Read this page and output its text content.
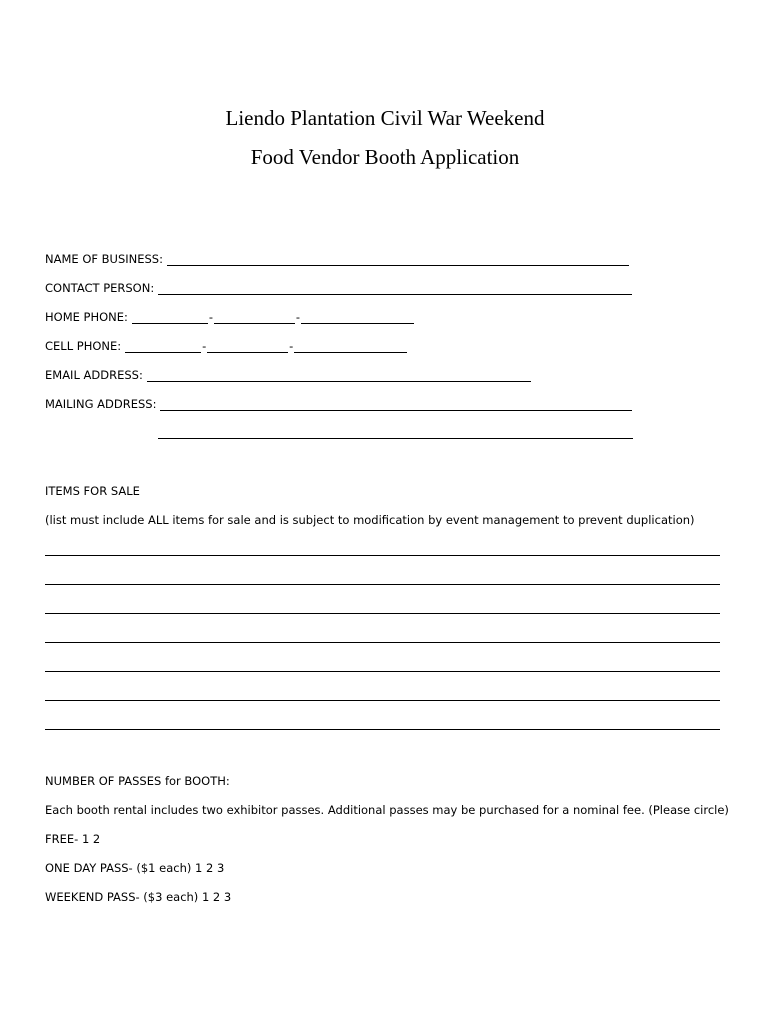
Liendo Plantation Civil War Weekend
Food Vendor Booth Application
NAME OF BUSINESS:
CONTACT PERSON:
HOME PHONE:	-	-
CELL PHONE:	-	-
EMAIL ADDRESS:
MAILING ADDRESS:
ITEMS FOR SALE
(list must include ALL items for sale and is subject to modification by event management to prevent duplication)
NUMBER OF PASSES for BOOTH:
Each booth rental includes two exhibitor passes. Additional passes may be purchased for a nominal fee. (Please circle)
FREE- 1 2
ONE DAY PASS- ($1 each) 1 2 3
WEEKEND PASS- ($3 each) 1 2 3
